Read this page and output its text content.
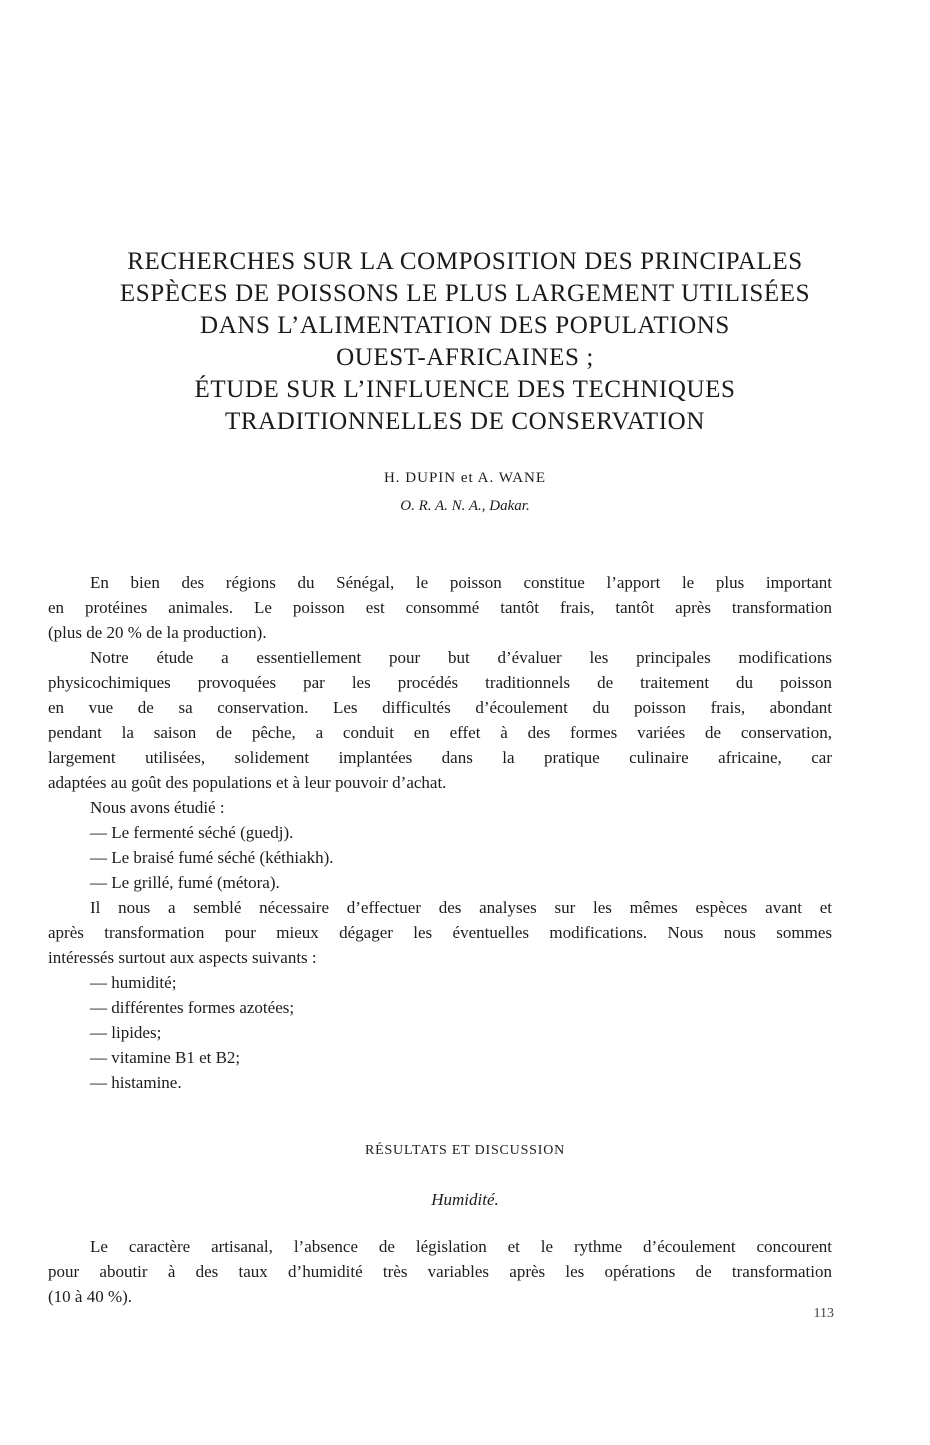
RECHERCHES SUR LA COMPOSITION DES PRINCIPALES
ESPÈCES DE POISSONS LE PLUS LARGEMENT UTILISÉES
DANS L’ALIMENTATION DES POPULATIONS
OUEST-AFRICAINES ;
ÉTUDE SUR L’INFLUENCE DES TECHNIQUES
TRADITIONNELLES DE CONSERVATION
H. DUPIN et A. WANE
O. R. A. N. A., Dakar.
En bien des régions du Sénégal, le poisson constitue l’apport le plus important
en protéines animales. Le poisson est consommé tantôt frais, tantôt après transformation
(plus de 20 % de la production).
Notre étude a essentiellement pour but d’évaluer les principales modifications
physicochimiques provoquées par les procédés traditionnels de traitement du poisson
en vue de sa conservation. Les difficultés d’écoulement du poisson frais, abondant
pendant la saison de pêche, a conduit en effet à des formes variées de conservation,
largement utilisées, solidement implantées dans la pratique culinaire africaine, car
adaptées au goût des populations et à leur pouvoir d’achat.
Nous avons étudié :
— Le fermenté séché (guedj).
— Le braisé fumé séché (kéthiakh).
— Le grillé, fumé (métora).
Il nous a semblé nécessaire d’effectuer des analyses sur les mêmes espèces avant et
après transformation pour mieux dégager les éventuelles modifications. Nous nous sommes
intéressés surtout aux aspects suivants :
— humidité;
— différentes formes azotées;
— lipides;
— vitamine B1 et B2;
— histamine.
RÉSULTATS ET DISCUSSION
Humidité.
Le caractère artisanal, l’absence de législation et le rythme d’écoulement concourent
pour aboutir à des taux d’humidité très variables après les opérations de transformation
(10 à 40 %).
113
